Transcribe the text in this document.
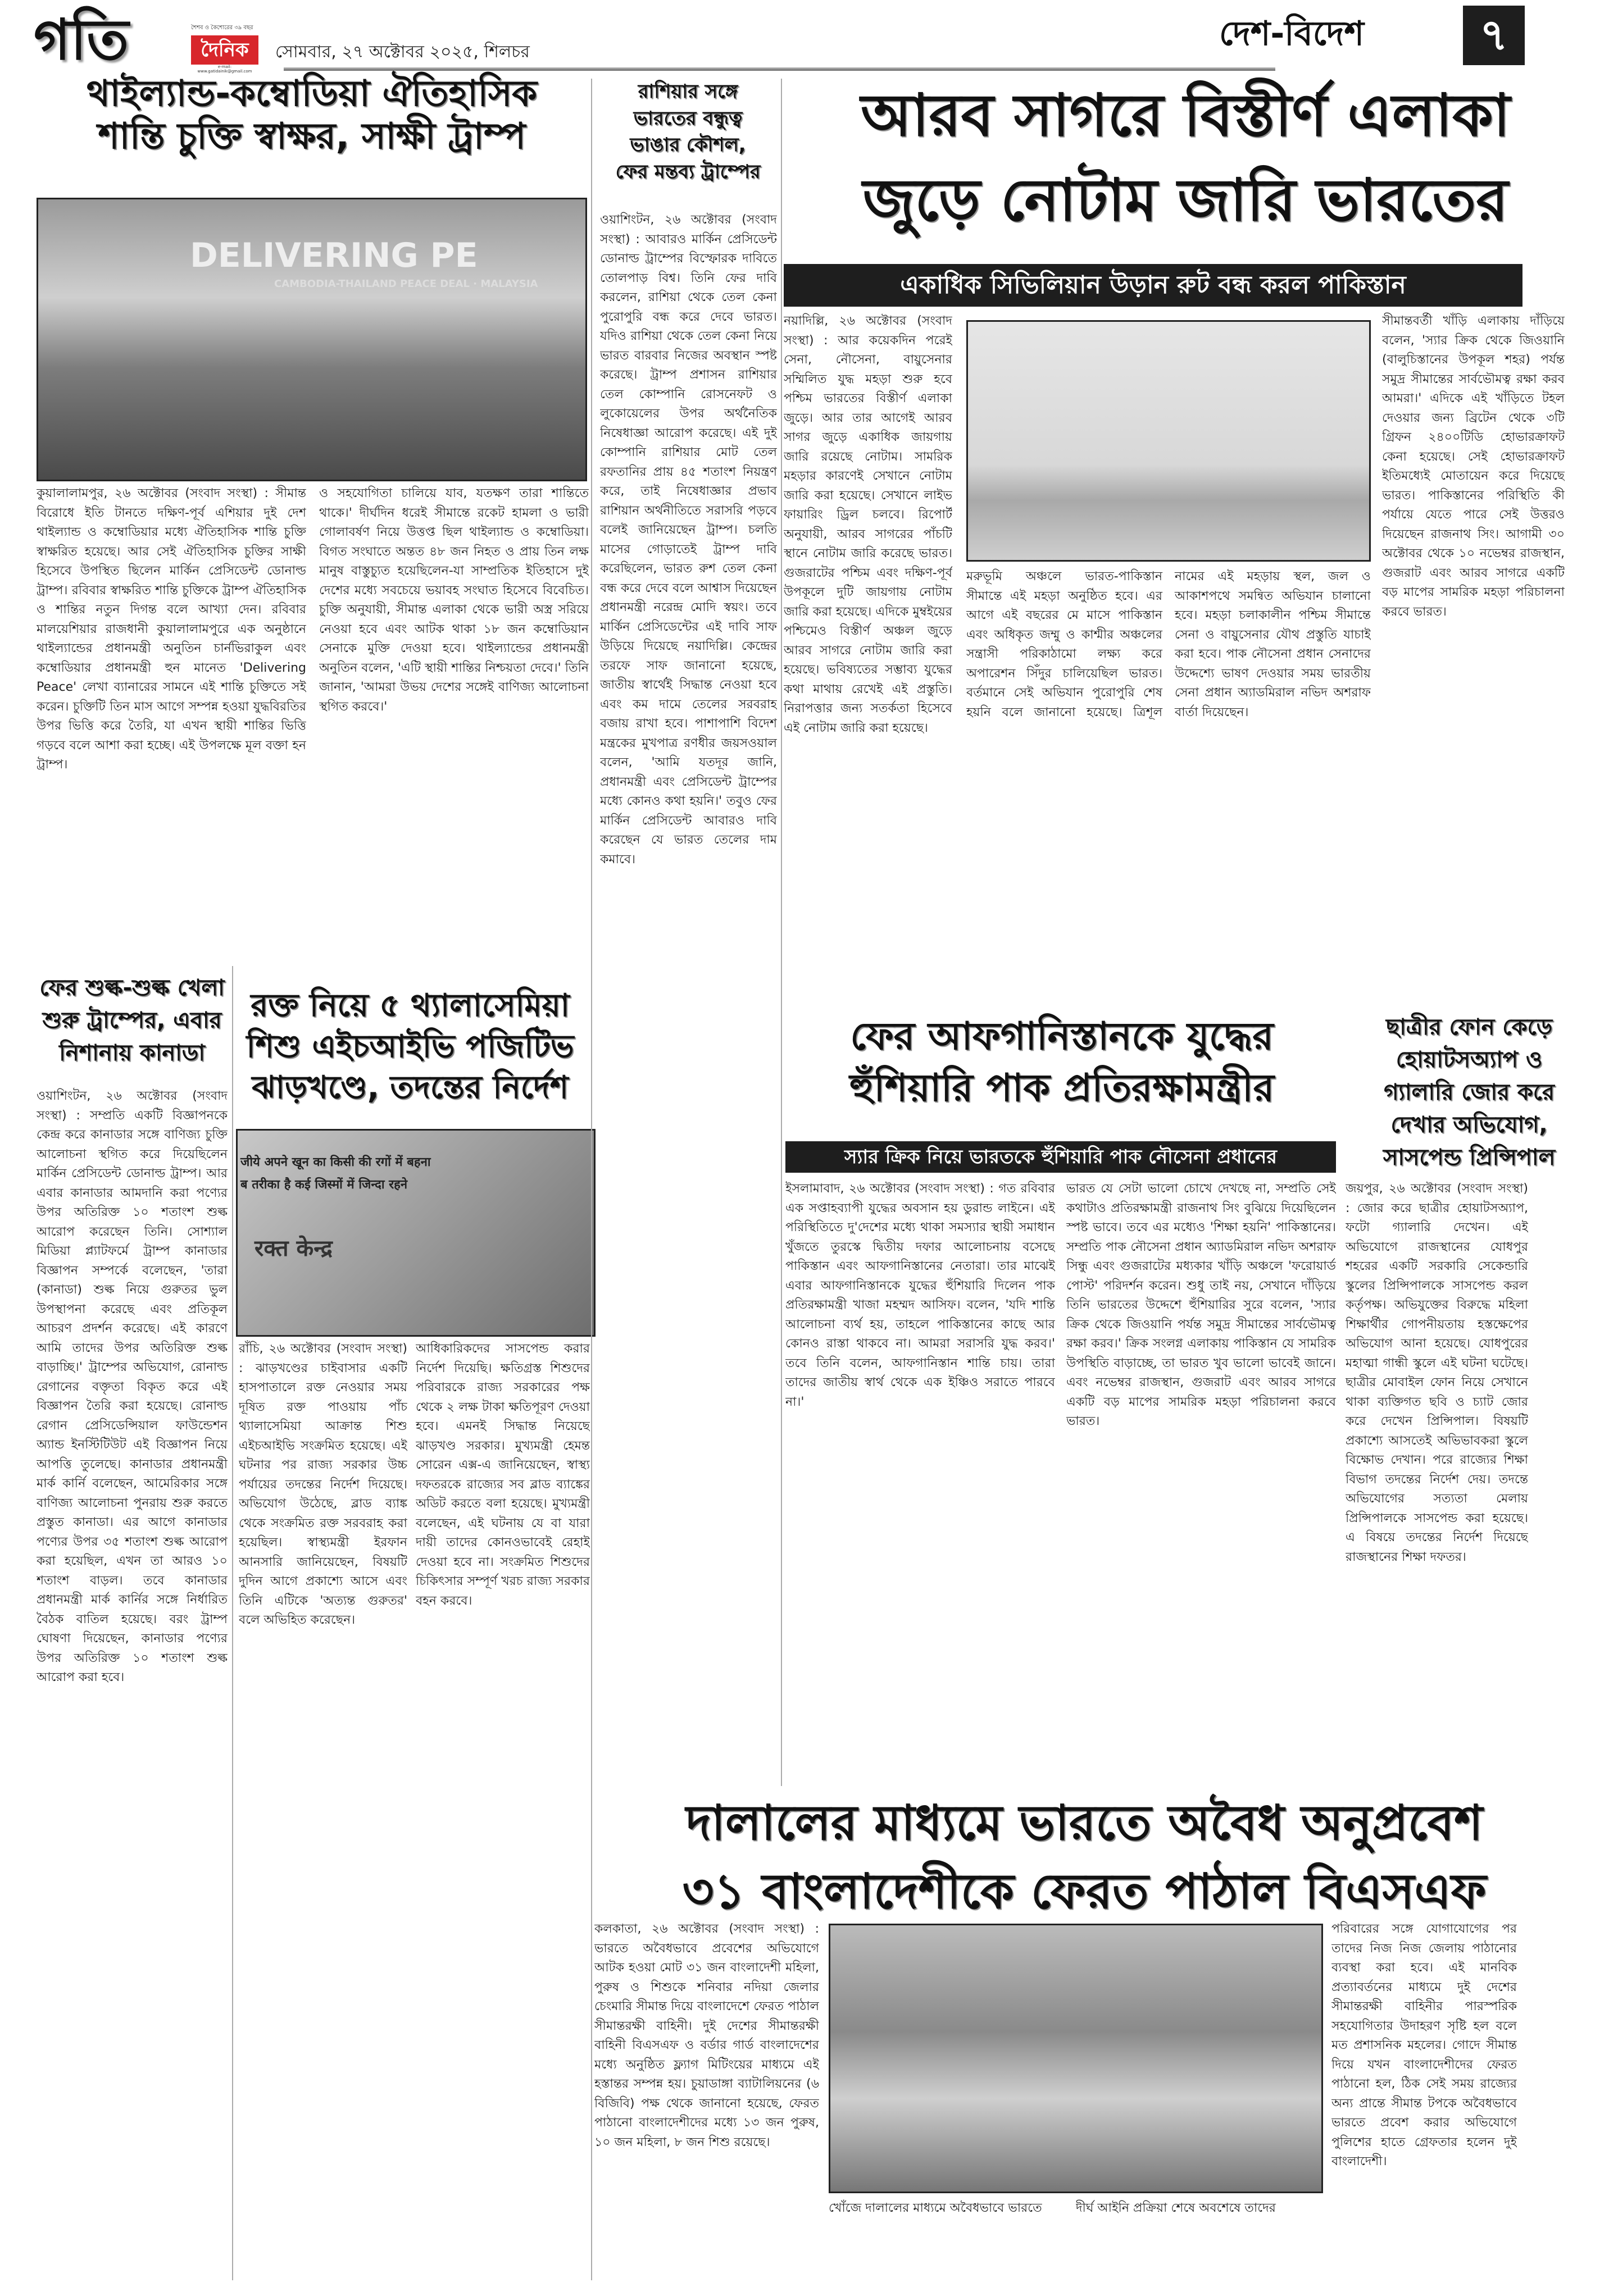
গতি	শৈশব ও কৈশোরের ৩৯ বছর
দৈনিক
e-mail: www.gatidainik@gmail.com
সোমবার, ২৭ অক্টোবর ২০২৫, শিলচর	দেশ-বিদেশ	৭
থাইল্যান্ড-কম্বোডিয়া ঐতিহাসিক
শান্তি চুক্তি স্বাক্ষর, সাক্ষী ট্রাম্প
DELIVERING PE
CAMBODIA-THAILAND PEACE DEAL · MALAYSIA
কুয়ালালামপুর, ২৬ অক্টোবর (সংবাদ সংস্থা) : সীমান্ত বিরোধে ইতি টানতে দক্ষিণ-পূর্ব এশিয়ার দুই দেশ থাইল্যান্ড ও কম্বোডিয়ার মধ্যে ঐতিহাসিক শান্তি চুক্তি স্বাক্ষরিত হয়েছে। আর সেই ঐতিহাসিক চুক্তির সাক্ষী হিসেবে উপস্থিত ছিলেন মার্কিন প্রেসিডেন্ট ডোনাল্ড ট্রাম্প। রবিবার স্বাক্ষরিত শান্তি চুক্তিকে ট্রাম্প ঐতিহাসিক ও শান্তির নতুন দিগন্ত বলে আখ্যা দেন। রবিবার মালয়েশিয়ার রাজধানী কুয়ালালামপুরে এক অনুষ্ঠানে থাইল্যান্ডের প্রধানমন্ত্রী অনুতিন চার্নভিরাকুল এবং কম্বোডিয়ার প্রধানমন্ত্রী হুন মানেত 'Delivering Peace' লেখা ব্যানারের সামনে এই শান্তি চুক্তিতে সই করেন। চুক্তিটি তিন মাস আগে সম্পন্ন হওয়া যুদ্ধবিরতির উপর ভিত্তি করে তৈরি, যা এখন স্থায়ী শান্তির ভিত্তি গড়বে বলে আশা করা হচ্ছে। এই উপলক্ষে মূল বক্তা হন ট্রাম্প।
ও সহযোগিতা চালিয়ে যাব, যতক্ষণ তারা শান্তিতে থাকে।' দীর্ঘদিন ধরেই সীমান্তে রকেট হামলা ও ভারী গোলাবর্ষণ নিয়ে উত্তপ্ত ছিল থাইল্যান্ড ও কম্বোডিয়া। বিগত সংঘাতে অন্তত ৪৮ জন নিহত ও প্রায় তিন লক্ষ মানুষ বাস্তুচ্যুত হয়েছিলেন-যা সাম্প্রতিক ইতিহাসে দুই দেশের মধ্যে সবচেয়ে ভয়াবহ সংঘাত হিসেবে বিবেচিত। চুক্তি অনুযায়ী, সীমান্ত এলাকা থেকে ভারী অস্ত্র সরিয়ে নেওয়া হবে এবং আটক থাকা ১৮ জন কম্বোডিয়ান সেনাকে মুক্তি দেওয়া হবে। থাইল্যান্ডের প্রধানমন্ত্রী অনুতিন বলেন, 'এটি স্থায়ী শান্তির নিশ্চয়তা দেবে।' তিনি জানান, 'আমরা উভয় দেশের সঙ্গেই বাণিজ্য আলোচনা স্থগিত করবে।'
রাশিয়ার সঙ্গে
ভারতের বন্ধুত্ব
ভাঙার কৌশল,
ফের মন্তব্য ট্রাম্পের
ওয়াশিংটন, ২৬ অক্টোবর (সংবাদ সংস্থা) : আবারও মার্কিন প্রেসিডেন্ট ডোনাল্ড ট্রাম্পের বিস্ফোরক দাবিতে তোলপাড় বিশ্ব। তিনি ফের দাবি করলেন, রাশিয়া থেকে তেল কেনা পুরোপুরি বন্ধ করে দেবে ভারত। যদিও রাশিয়া থেকে তেল কেনা নিয়ে ভারত বারবার নিজের অবস্থান স্পষ্ট করেছে। ট্রাম্প প্রশাসন রাশিয়ার তেল কোম্পানি রোসনেফট ও লুকোয়েলের উপর অর্থনৈতিক নিষেধাজ্ঞা আরোপ করেছে। এই দুই কোম্পানি রাশিয়ার মোট তেল রফতানির প্রায় ৪৫ শতাংশ নিয়ন্ত্রণ করে, তাই নিষেধাজ্ঞার প্রভাব রাশিয়ান অর্থনীতিতে সরাসরি পড়বে বলেই জানিয়েছেন ট্রাম্প। চলতি মাসের গোড়াতেই ট্রাম্প দাবি করেছিলেন, ভারত রুশ তেল কেনা বন্ধ করে দেবে বলে আশ্বাস দিয়েছেন প্রধানমন্ত্রী নরেন্দ্র মোদি স্বয়ং। তবে মার্কিন প্রেসিডেন্টের এই দাবি সাফ উড়িয়ে দিয়েছে নয়াদিল্লি। কেন্দ্রের তরফে সাফ জানানো হয়েছে, জাতীয় স্বার্থেই সিদ্ধান্ত নেওয়া হবে এবং কম দামে তেলের সরবরাহ বজায় রাখা হবে। পাশাপাশি বিদেশ মন্ত্রকের মুখপাত্র রণধীর জয়সওয়াল বলেন, 'আমি যতদূর জানি, প্রধানমন্ত্রী এবং প্রেসিডেন্ট ট্রাম্পের মধ্যে কোনও কথা হয়নি।' তবুও ফের মার্কিন প্রেসিডেন্ট আবারও দাবি করেছেন যে ভারত তেলের দাম কমাবে।
আরব সাগরে বিস্তীর্ণ এলাকা
জুড়ে নোটাম জারি ভারতের
একাধিক সিভিলিয়ান উড়ান রুট বন্ধ করল পাকিস্তান
নয়াদিল্লি, ২৬ অক্টোবর (সংবাদ সংস্থা) : আর কয়েকদিন পরেই সেনা, নৌসেনা, বায়ুসেনার সম্মিলিত যুদ্ধ মহড়া শুরু হবে পশ্চিম ভারতের বিস্তীর্ণ এলাকা জুড়ে। আর তার আগেই আরব সাগর জুড়ে একাধিক জায়গায় জারি রয়েছে নোটাম। সামরিক মহড়ার কারণেই সেখানে নোটাম জারি করা হয়েছে। সেখানে লাইভ ফায়ারিং ড্রিল চলবে। রিপোর্ট অনুযায়ী, আরব সাগরের পাঁচটি স্থানে নোটাম জারি করেছে ভারত। গুজরাটের পশ্চিম এবং দক্ষিণ-পূর্ব উপকূলে দুটি জায়গায় নোটাম জারি করা হয়েছে। এদিকে মুম্বইয়ের পশ্চিমেও বিস্তীর্ণ অঞ্চল জুড়ে আরব সাগরে নোটাম জারি করা হয়েছে। ভবিষ্যতের সম্ভাব্য যুদ্ধের কথা মাথায় রেখেই এই প্রস্তুতি। নিরাপত্তার জন্য সতর্কতা হিসেবে এই নোটাম জারি করা হয়েছে।
মরুভূমি অঞ্চলে ভারত-পাকিস্তান সীমান্তে এই মহড়া অনুষ্ঠিত হবে। এর আগে এই বছরের মে মাসে পাকিস্তান এবং অধিকৃত জম্মু ও কাশ্মীর অঞ্চলের সন্ত্রাসী পরিকাঠামো লক্ষ্য করে অপারেশন সিঁদুর চালিয়েছিল ভারত। বর্তমানে সেই অভিযান পুরোপুরি শেষ হয়নি বলে জানানো হয়েছে। ত্রিশূল নামের এই মহড়ায় স্থল, জল ও আকাশপথে সমন্বিত অভিযান চালানো হবে। মহড়া চলাকালীন পশ্চিম সীমান্তে সেনা ও বায়ুসেনার যৌথ প্রস্তুতি যাচাই করা হবে। পাক নৌসেনা প্রধান সেনাদের উদ্দেশ্যে ভাষণ দেওয়ার সময় ভারতীয় সেনা প্রধান অ্যাডমিরাল নভিদ অশরাফ বার্তা দিয়েছেন।
সীমান্তবর্তী খাঁড়ি এলাকায় দাঁড়িয়ে বলেন, 'স্যার ক্রিক থেকে জিওয়ানি (বালুচিস্তানের উপকূল শহর) পর্যন্ত সমুদ্র সীমান্তের সার্বভৌমত্ব রক্ষা করব আমরা।' এদিকে এই খাঁড়িতে টহল দেওয়ার জন্য ব্রিটেন থেকে ৩টি গ্রিফন ২৪০০টিডি হোভারক্রাফট কেনা হয়েছে। সেই হোভারক্রাফট ইতিমধ্যেই মোতায়েন করে দিয়েছে ভারত। পাকিস্তানের পরিস্থিতি কী পর্যায়ে যেতে পারে সেই উত্তরও দিয়েছেন রাজনাথ সিং। আগামী ৩০ অক্টোবর থেকে ১০ নভেম্বর রাজস্থান, গুজরাট এবং আরব সাগরে একটি বড় মাপের সামরিক মহড়া পরিচালনা করবে ভারত।
ফের শুল্ক-শুল্ক খেলা
শুরু ট্রাম্পের, এবার
নিশানায় কানাডা
ওয়াশিংটন, ২৬ অক্টোবর (সংবাদ সংস্থা) : সম্প্রতি একটি বিজ্ঞাপনকে কেন্দ্র করে কানাডার সঙ্গে বাণিজ্য চুক্তি আলোচনা স্থগিত করে দিয়েছিলেন মার্কিন প্রেসিডেন্ট ডোনাল্ড ট্রাম্প। আর এবার কানাডার আমদানি করা পণ্যের উপর অতিরিক্ত ১০ শতাংশ শুল্ক আরোপ করেছেন তিনি। সোশ্যাল মিডিয়া প্ল্যাটফর্মে ট্রাম্প কানাডার বিজ্ঞাপন সম্পর্কে বলেছেন, 'তারা (কানাডা) শুল্ক নিয়ে গুরুতর ভুল উপস্থাপনা করেছে এবং প্রতিকূল আচরণ প্রদর্শন করেছে। এই কারণে আমি তাদের উপর অতিরিক্ত শুল্ক বাড়াচ্ছি।' ট্রাম্পের অভিযোগ, রোনাল্ড রেগানের বক্তৃতা বিকৃত করে এই বিজ্ঞাপন তৈরি করা হয়েছে। রোনাল্ড রেগান প্রেসিডেন্সিয়াল ফাউন্ডেশন অ্যান্ড ইনস্টিটিউট এই বিজ্ঞাপন নিয়ে আপত্তি তুলেছে। কানাডার প্রধানমন্ত্রী মার্ক কার্নি বলেছেন, আমেরিকার সঙ্গে বাণিজ্য আলোচনা পুনরায় শুরু করতে প্রস্তুত কানাডা। এর আগে কানাডার পণ্যের উপর ৩৫ শতাংশ শুল্ক আরোপ করা হয়েছিল, এখন তা আরও ১০ শতাংশ বাড়ল। তবে কানাডার প্রধানমন্ত্রী মার্ক কার্নির সঙ্গে নির্ধারিত বৈঠক বাতিল হয়েছে। বরং ট্রাম্প ঘোষণা দিয়েছেন, কানাডার পণ্যের উপর অতিরিক্ত ১০ শতাংশ শুল্ক আরোপ করা হবে।
রক্ত নিয়ে ৫ থ্যালাসেমিয়া
শিশু এইচআইভি পজিটিভ
ঝাড়খণ্ডে, তদন্তের নির্দেশ
जीये अपने खून का किसी की रगों में बहना
ब तरीका है कई जिस्मों में जिन्दा रहने
रक्त केन्द्र
রাঁচি, ২৬ অক্টোবর (সংবাদ সংস্থা) : ঝাড়খণ্ডের চাইবাসার একটি হাসপাতালে রক্ত নেওয়ার সময় দূষিত রক্ত পাওয়ায় পাঁচ থ্যালাসেমিয়া আক্রান্ত শিশু এইচআইভি সংক্রমিত হয়েছে। এই ঘটনার পর রাজ্য সরকার উচ্চ পর্যায়ের তদন্তের নির্দেশ দিয়েছে। অভিযোগ উঠেছে, ব্লাড ব্যাঙ্ক থেকে সংক্রমিত রক্ত সরবরাহ করা হয়েছিল। স্বাস্থ্যমন্ত্রী ইরফান আনসারি জানিয়েছেন, বিষয়টি দুদিন আগে প্রকাশ্যে আসে এবং তিনি এটিকে 'অত্যন্ত গুরুতর' বলে অভিহিত করেছেন।
আধিকারিকদের সাসপেন্ড করার নির্দেশ দিয়েছি। ক্ষতিগ্রস্ত শিশুদের পরিবারকে রাজ্য সরকারের পক্ষ থেকে ২ লক্ষ টাকা ক্ষতিপূরণ দেওয়া হবে। এমনই সিদ্ধান্ত নিয়েছে ঝাড়খণ্ড সরকার। মুখ্যমন্ত্রী হেমন্ত সোরেন এক্স-এ জানিয়েছেন, স্বাস্থ্য দফতরকে রাজ্যের সব ব্লাড ব্যাঙ্কের অডিট করতে বলা হয়েছে। মুখ্যমন্ত্রী বলেছেন, এই ঘটনায় যে বা যারা দায়ী তাদের কোনওভাবেই রেহাই দেওয়া হবে না। সংক্রমিত শিশুদের চিকিৎসার সম্পূর্ণ খরচ রাজ্য সরকার বহন করবে।
ফের আফগানিস্তানকে যুদ্ধের
হুঁশিয়ারি পাক প্রতিরক্ষামন্ত্রীর
স্যার ক্রিক নিয়ে ভারতকে হুঁশিয়ারি পাক নৌসেনা প্রধানের
ইসলামাবাদ, ২৬ অক্টোবর (সংবাদ সংস্থা) : গত রবিবার এক সপ্তাহব্যাপী যুদ্ধের অবসান হয় ডুরান্ড লাইনে। এই পরিস্থিতিতে দু'দেশের মধ্যে থাকা সমস্যার স্থায়ী সমাধান খুঁজতে তুরস্কে দ্বিতীয় দফার আলোচনায় বসেছে পাকিস্তান এবং আফগানিস্তানের নেতারা। তার মাঝেই এবার আফগানিস্তানকে যুদ্ধের হুঁশিয়ারি দিলেন পাক প্রতিরক্ষামন্ত্রী খাজা মহম্মদ আসিফ। বলেন, 'যদি শান্তি আলোচনা ব্যর্থ হয়, তাহলে পাকিস্তানের কাছে আর কোনও রাস্তা থাকবে না। আমরা সরাসরি যুদ্ধ করব।' তবে তিনি বলেন, আফগানিস্তান শান্তি চায়। তারা তাদের জাতীয় স্বার্থ থেকে এক ইঞ্চিও সরাতে পারবে না।'
ভারত যে সেটা ভালো চোখে দেখছে না, সম্প্রতি সেই কথাটাও প্রতিরক্ষামন্ত্রী রাজনাথ সিং বুঝিয়ে দিয়েছিলেন স্পষ্ট ভাবে। তবে এর মধ্যেও 'শিক্ষা হয়নি' পাকিস্তানের। সম্প্রতি পাক নৌসেনা প্রধান অ্যাডমিরাল নভিদ অশরাফ সিন্ধু এবং গুজরাটের মধ্যকার খাঁড়ি অঞ্চলে 'ফরোয়ার্ড পোস্ট' পরিদর্শন করেন। শুধু তাই নয়, সেখানে দাঁড়িয়ে তিনি ভারতের উদ্দেশে হুঁশিয়ারির সুরে বলেন, 'স্যার ক্রিক থেকে জিওয়ানি পর্যন্ত সমুদ্র সীমান্তের সার্বভৌমত্ব রক্ষা করব।' ক্রিক সংলগ্ন এলাকায় পাকিস্তান যে সামরিক উপস্থিতি বাড়াচ্ছে, তা ভারত খুব ভালো ভাবেই জানে। এবং নভেম্বর রাজস্থান, গুজরাট এবং আরব সাগরে একটি বড় মাপের সামরিক মহড়া পরিচালনা করবে ভারত।
ছাত্রীর ফোন কেড়ে
হোয়াটসঅ্যাপ ও
গ্যালারি জোর করে
দেখার অভিযোগ,
সাসপেন্ড প্রিন্সিপাল
জয়পুর, ২৬ অক্টোবর (সংবাদ সংস্থা) : জোর করে ছাত্রীর হোয়াটসঅ্যাপ, ফটো গ্যালারি দেখেন। এই অভিযোগে রাজস্থানের যোধপুর শহরের একটি সরকারি সেকেন্ডারি স্কুলের প্রিন্সিপালকে সাসপেন্ড করল কর্তৃপক্ষ। অভিযুক্তের বিরুদ্ধে মহিলা শিক্ষার্থীর গোপনীয়তায় হস্তক্ষেপের অভিযোগ আনা হয়েছে। যোধপুরের মহাত্মা গান্ধী স্কুলে এই ঘটনা ঘটেছে। ছাত্রীর মোবাইল ফোন নিয়ে সেখানে থাকা ব্যক্তিগত ছবি ও চ্যাট জোর করে দেখেন প্রিন্সিপাল। বিষয়টি প্রকাশ্যে আসতেই অভিভাবকরা স্কুলে বিক্ষোভ দেখান। পরে রাজ্যের শিক্ষা বিভাগ তদন্তের নির্দেশ দেয়। তদন্তে অভিযোগের সত্যতা মেলায় প্রিন্সিপালকে সাসপেন্ড করা হয়েছে। এ বিষয়ে তদন্তের নির্দেশ দিয়েছে রাজস্থানের শিক্ষা দফতর।
দালালের মাধ্যমে ভারতে অবৈধ অনুপ্রবেশ
৩১ বাংলাদেশীকে ফেরত পাঠাল বিএসএফ
কলকাতা, ২৬ অক্টোবর (সংবাদ সংস্থা) : ভারতে অবৈধভাবে প্রবেশের অভিযোগে আটক হওয়া মোট ৩১ জন বাংলাদেশী মহিলা, পুরুষ ও শিশুকে শনিবার নদিয়া জেলার চেংমারি সীমান্ত দিয়ে বাংলাদেশে ফেরত পাঠাল সীমান্তরক্ষী বাহিনী। দুই দেশের সীমান্তরক্ষী বাহিনী বিএসএফ ও বর্ডার গার্ড বাংলাদেশের মধ্যে অনুষ্ঠিত ফ্ল্যাগ মিটিংয়ের মাধ্যমে এই হস্তান্তর সম্পন্ন হয়। চুয়াডাঙ্গা ব্যাটালিয়নের (৬ বিজিবি) পক্ষ থেকে জানানো হয়েছে, ফেরত পাঠানো বাংলাদেশীদের মধ্যে ১৩ জন পুরুষ, ১০ জন মহিলা, ৮ জন শিশু রয়েছে।
খোঁজে দালালের মাধ্যমে অবৈধভাবে ভারতে	দীর্ঘ আইনি প্রক্রিয়া শেষে অবশেষে তাদের
পরিবারের সঙ্গে যোগাযোগের পর তাদের নিজ নিজ জেলায় পাঠানোর ব্যবস্থা করা হবে। এই মানবিক প্রত্যাবর্তনের মাধ্যমে দুই দেশের সীমান্তরক্ষী বাহিনীর পারস্পরিক সহযোগিতার উদাহরণ সৃষ্টি হল বলে মত প্রশাসনিক মহলের। গোদে সীমান্ত দিয়ে যখন বাংলাদেশীদের ফেরত পাঠানো হল, ঠিক সেই সময় রাজ্যের অন্য প্রান্তে সীমান্ত টপকে অবৈধভাবে ভারতে প্রবেশ করার অভিযোগে পুলিশের হাতে গ্রেফতার হলেন দুই বাংলাদেশী।
